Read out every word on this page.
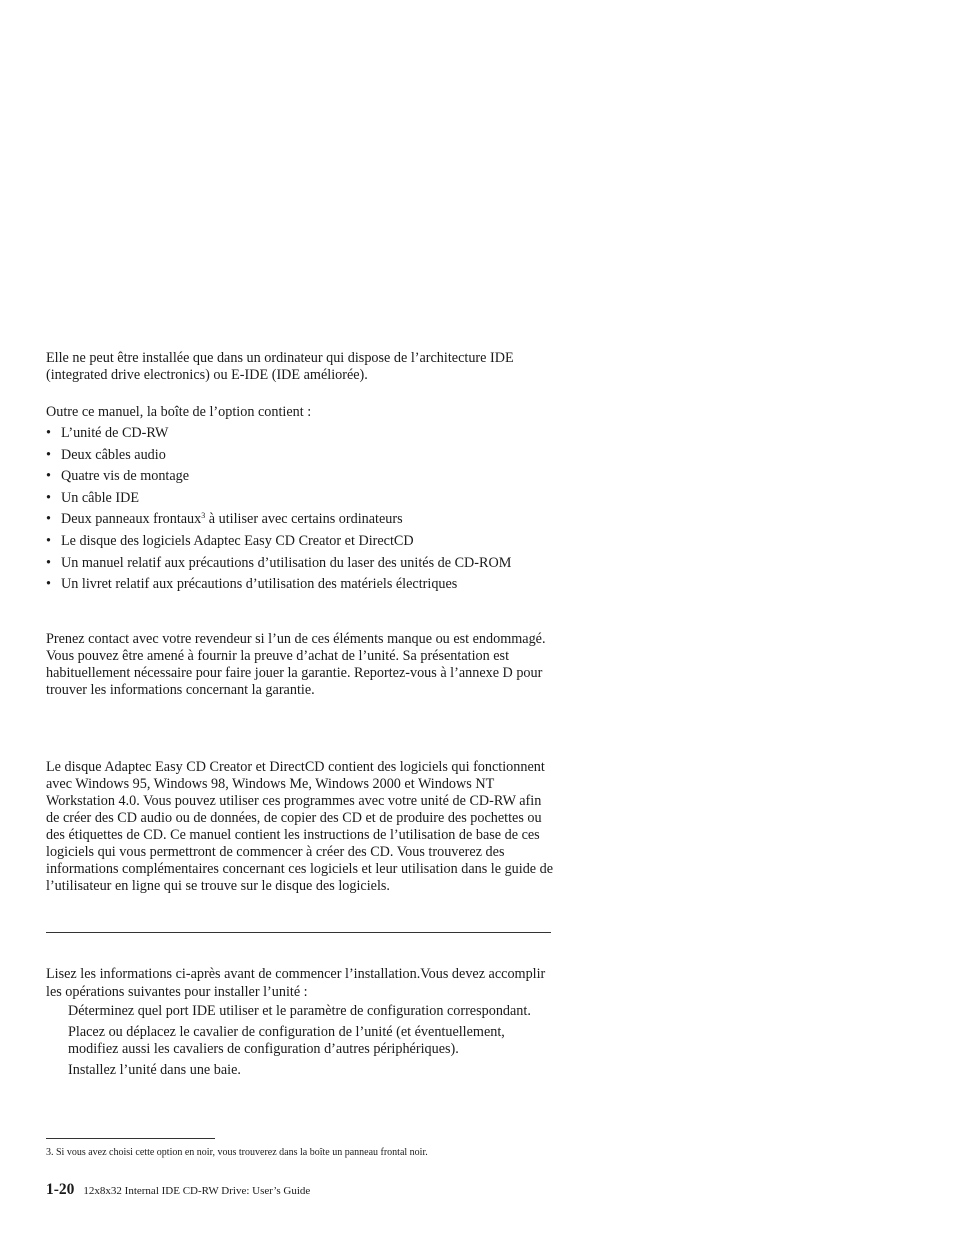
Elle ne peut être installée que dans un ordinateur qui dispose de l’architecture IDE (integrated drive electronics) ou E-IDE (IDE améliorée).

Outre ce manuel, la boîte de l’option contient :

• L’unité de CD-RW
• Deux câbles audio
• Quatre vis de montage
• Un câble IDE
• Deux panneaux frontaux$^3$ à utiliser avec certains ordinateurs
• Le disque des logiciels Adaptec Easy CD Creator et DirectCD
• Un manuel relatif aux précautions d’utilisation du laser des unités de CD-ROM
• Un livret relatif aux précautions d’utilisation des matériels électriques

Prenez contact avec votre revendeur si l’un de ces éléments manque ou est endommagé. Vous pouvez être amené à fournir la preuve d’achat de l’unité. Sa présentation est habituellement nécessaire pour faire jouer la garantie. Reportez-vous à l’annexe D pour trouver les informations concernant la garantie.

Le disque Adaptec Easy CD Creator et DirectCD contient des logiciels qui fonctionnent avec Windows 95, Windows 98, Windows Me, Windows 2000 et Windows NT Workstation 4.0. Vous pouvez utiliser ces programmes avec votre unité de CD-RW afin de créer des CD audio ou de données, de copier des CD et de produire des pochettes ou des étiquettes de CD. Ce manuel contient les instructions de l’utilisation de base de ces logiciels qui vous permettront de commencer à créer des CD. Vous trouverez des informations complémentaires concernant ces logiciels et leur utilisation dans le guide de l’utilisateur en ligne qui se trouve sur le disque des logiciels.

Lisez les informations ci-après avant de commencer l’installation.Vous devez accomplir les opérations suivantes pour installer l’unité :

Déterminez quel port IDE utiliser et le paramètre de configuration correspondant.

Placez ou déplacez le cavalier de configuration de l’unité (et éventuellement, modifiez aussi les cavaliers de configuration d’autres périphériques).

Installez l’unité dans une baie.

3. Si vous avez choisi cette option en noir, vous trouverez dans la boîte un panneau frontal noir.
1-20 12x8x32 Internal IDE CD-RW Drive: User’s Guide
